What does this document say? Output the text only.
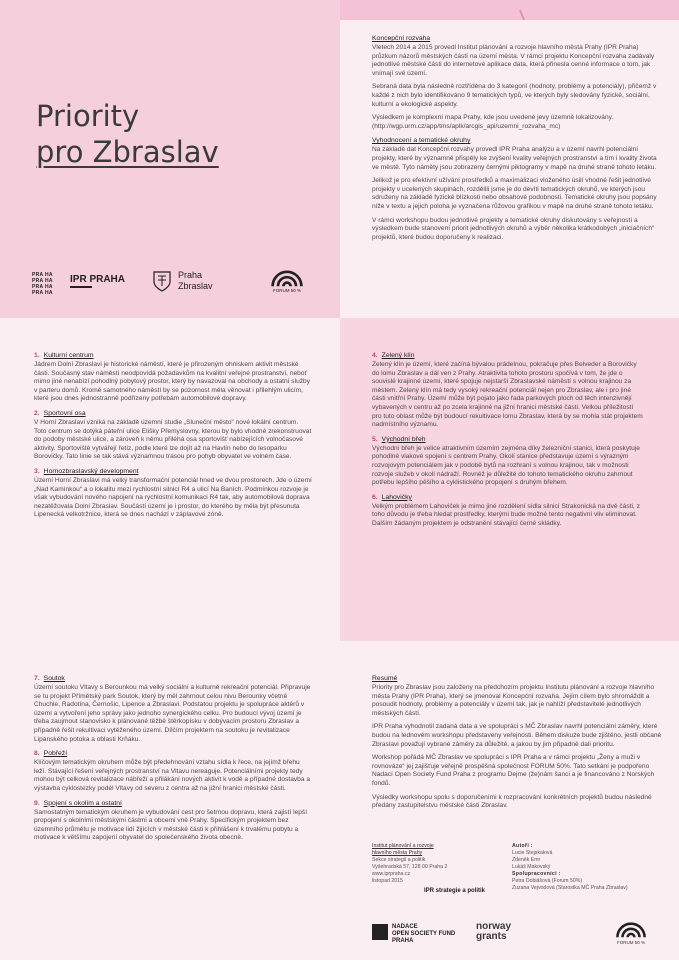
Priority
pro Zbraslav
PRA HA PRA HA PRA HA PRA HA
IPR PRAHA	Praha
Zbraslav	FORUM 50 %
Koncepční rozvaha

Vletech 2014 a 2015 provedl Institut plánování a rozvoje hlavního města Prahy (IPR Praha) průzkum názorů městských částí na území města. V rámci projektu Koncepční rozvaha zadávaly jednotlivé městské části do internetové aplikace data, která přinesla cenné informace o tom, jak vnímají své území.

Sebraná data byla následně roztříděna do 3 kategorií (hodnoty, problémy a potenciály), přičemž v každé z nich bylo identifikováno 9 tematických typů, ve kterých byly sledovány fyzické, sociální, kulturní a ekologické aspekty.

Výsledkem je komplexní mapa Prahy, kde jsou uvedené jevy územně lokalizovány. (http://wgp.urm.cz/app/tms/aplk/arcgis_api/uzemni_rozvaha_mc)

Vyhodnocení a tematické okruhy

Na základě dat Koncepční rozvahy provedl IPR Praha analýzu a v území navrhl potenciální projekty, které by významně přispěly ke zvýšení kvality veřejných prostranství a tím i kvality života ve městě. Tyto náměty jsou zobrazeny černými piktogramy v mapě na druhé straně tohoto letáku.

Jelikož je pro efektivní užívání prostředků a maximalizaci vloženého úsilí vhodné řešit jednotlivé projekty v ucelených skupinách, rozdělili jsme je do devíti tematických okruhů, ve kterých jsou sdruženy na základě fyzické blízkosti nebo obsahové podobnosti. Tematické okruhy jsou popsány níže v textu a jejich poloha je vyznačena růžovou grafikou v mapě na druhé straně tohoto letáku.

V rámci workshopu budou jednotlivé projekty a tematické okruhy diskutovány s veřejností a výsledkem bude stanovení priorit jednotlivých okruhů a výběr několika krátkodobých „iniciačních“ projektů, které budou doporučeny k realizaci.

1. Kulturní centrum

Jádrem Dolní Zbraslavi je historické náměstí, které je přirozeným ohniskem aktivit městské části. Současný stav náměstí neodpovídá požadavkům na kvalitní veřejné prostranství, neboť mimo jiné nenabízí pohodlný pobytový prostor, který by navazoval na obchody a ostatní služby v parteru domů. Kromě samotného náměstí by se pozornost měla věnovat i přilehlým ulicím, které jsou dnes jednostranně podřízeny potřebám automobilové dopravy.

2. Sportovní osa

V Horní Zbraslavi vzniká na základě územní studie „Sluneční město“ nové lokální centrum. Toto centrum se dotýká páteřní ulice Elišky Přemyslovny, kterou by bylo vhodné zrekonstruovat do podoby městské ulice, a zároveň k němu přiléhá osa sportovišť nabízejících volnočasové aktivity. Sportoviště vytvářejí řetíz, podle které lze dojít až na Havlín nebo do lesoparku Borovičky. Tato linie se tak stává významnou trasou pro pohyb obyvatel ve volném čase.

3. Hornozbraslavský development

Území Horní Zbraslavi má velký transformační potenciál hned ve dvou prostorech. Jde o území „Nad Kamínkou“ a o lokalitu mezi rychlostní silnicí R4 a ulicí Na Baních. Podmínkou rozvoje je však vybudování nového napojení na rychlostní komunikaci R4 tak, aby automobilová doprava nezatěžovala Dolní Zbraslav. Součástí území je i prostor, do kterého by měla být přesunuta Lipenecká velkotržnice, která se dnes nachází v záplavové zóně.

4. Zelený klín

Zelený klín je území, které začíná bývalou prádelnou, pokračuje přes Belveder a Borovičky do lomu Zbraslav a dál ven z Prahy. Atraktivita tohoto prostoru spočívá v tom, že jde o souvislé krajinné území, které spojuje nejstarší Zbraslavské náměstí s volnou krajinou za městem. Zelený klín má tedy vysoký rekreační potenciál nejen pro Zbraslav, ale i pro jiné části vnitřní Prahy. Území může být pojato jako řada parkových ploch od těch intenzivnějí vybavených v centru až po zcela krajinné na jižní hranici městské části. Velkou příležitostí pro tuto oblast může být budoucí rekultivace lomu Zbraslav, která by se mohla stát projektem nadmístního významu.

5. Východní břeh

Východní břeh je velice atraktivním územím zejména díky železniční stanici, která poskytuje pohodlné vlakové spojení s centrem Prahy. Okolí stanice představuje území s výrazným rozvojovým potenciálem jak v podobě bytů na rozhraní s volnou krajinou, tak v možnosti rozvoje služeb v okolí nádraží. Rovněž je důležité do tohoto tematického okruhu zahrnout potřebu lepšího pěšího a cyklistického propojení s druhým břehem.

6. Lahovičky

Velkým problémem Lahoviček je mimo jiné rozdělení sídla silnicí Strakonická na dvě části, z toho důvodu je třeba hledat prostředky, kterými bude možné tento negativní vliv eliminovat. Dalším žádaným projektem je odstranění stávající černé skládky.

7. Soutok

Území soutoku Vltavy s Berounkou má velký sociální a kulturně rekreační potenciál. Připravuje se tu projekt Přímětský park Soutok, který by měl zahrnout celou nivu Berounky včetně Chuchle, Radotína, Černošic, Lipence a Zbraslavi. Podstatou projektu je spolupráce aktérů v území a vytvoření jeho správy jako jednoho synergického celku. Pro budoucí vývoj území je třeba zaujmout stanovisko k plánované těžbě štěrkopísku v dobývacím prostoru Zbraslav a případně řešit rekultivaci vytěženého území. Dílčím projektem na soutoku je revitalizace Lipanského potoka a oblasti Krňáku.

8. Pobřeží

Klíčovým tematickým okruhem může být předehnování vztahu sídla k řece, na jejímž břehu leží. Stávající řešení veřejných prostranství na Vltavu nereaguje. Potenciálními projekty tedy mohou být celková revitalizace nábřeží a přilákání nových aktivit k vodě a případné dostavba a výstavba cyklostezky podél Vltavy od severu z centra až na jižní hranici městské části.

9. Spojení s okolím a ostatní

Samostatným tematickým okruhem je vybudování cest pro šetrnou dopravu, která zajistí lepší propojení s okolními městskými částmi a obcemi vně Prahy. Specifickým projektem bez územního průmětu je motivace lidí žijících v městské části k přihlášení k trvalému pobytu a motivace k většímu zapojení obyvatel do společenského života obecně.

Resumé

Priority pro Zbraslav jsou založeny na předchozím projektu Institutu plánování a rozvoje hlavního města Prahy (IPR Praha), který se jmenoval Koncepční rozvaha. Jejím cílem bylo shromáždit a posoudit hodnoty, problémy a potenciály v území tak, jak je nahlíží představitelé jednotlivých městských částí.

IPR Praha vyhodnotil zadaná data a ve spolupráci s MČ Zbraslav navrhl potenciální záměry, které budou na lednovém workshopu představeny veřejnosti. Během diskuze bude zjištěno, jestli občané Zbraslavi považují vybrané záměry za důležité, a jakou by jim připadně dali prioritu.

Workshop pořádá MČ Zbraslav ve spolupráci s IPR Praha a v rámci projektu „Ženy a muži v rovnováze“ jej zajišťuje veřejně prospěšná společnost FORUM 50%. Tato setkání je podpořeno Nadací Open Society Fund Praha z programu Dejme (že)nám šanci a je financováno z Norských fondů.

Výsledky workshopu spolu s doporučeními k rozpracování konkrétních projektů budou následně předány zastupitelstvu městské části Zbraslav.

Institut plánování a rozvoje
hlavního města Prahy
Sekce strategií a politik
Vyšehradská 57, 128 00 Praha 2
www.iprpraha.cz
listopad 2015
Autoři :
Lucie Stejskalová
Zdeněk Emr
Lukáš Makovský
Spolupracovníci :
Petra Dobiášová (Forum 50%)
Zuzana Vejvodová (Starostka MČ Praha Zbraslav)
IPR strategie a politik
NADACE
OPEN SOCIETY FUND
PRAHA
norway
grants
FORUM 50 %
